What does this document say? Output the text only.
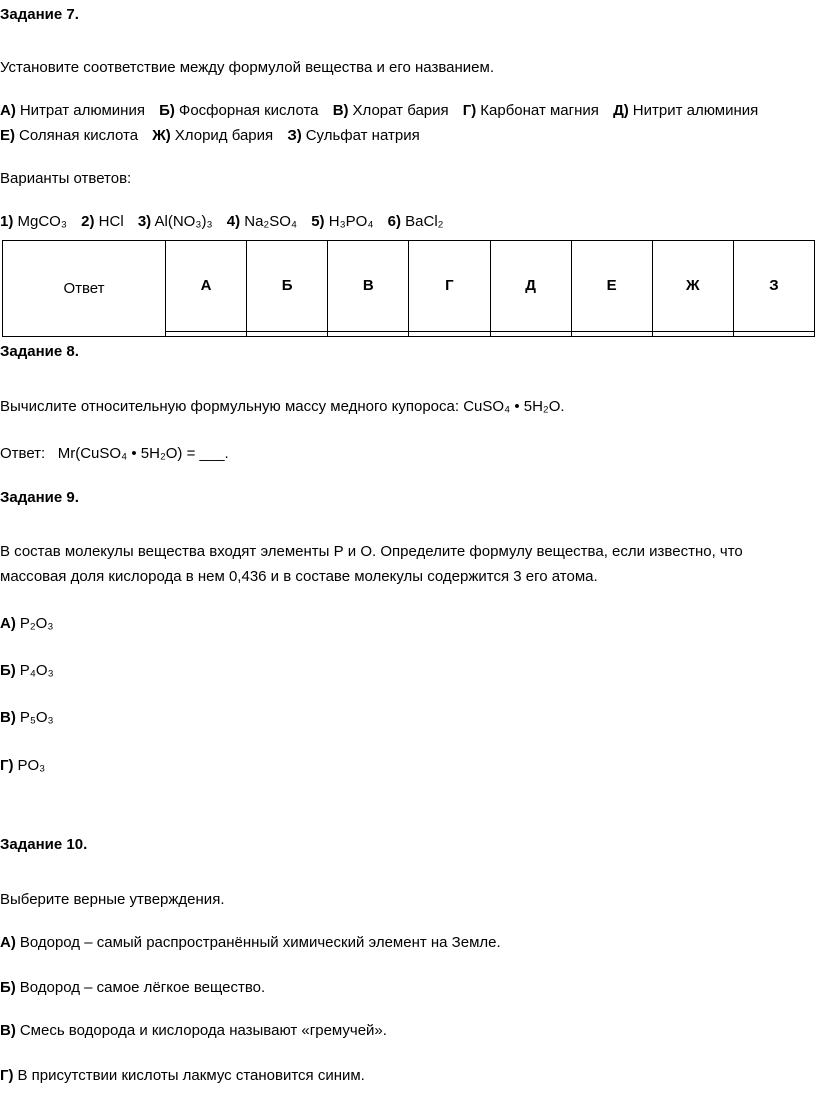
Задание 7.
Установите соответствие между формулой вещества и его названием.
А) Нитрат алюминия Б) Фосфорная кислота В) Хлорат бария Г) Карбонат магния Д) Нитрит алюминия
Е) Соляная кислота Ж) Хлорид бария З) Сульфат натрия
Варианты ответов:
1) MgCO₃ 2) HCl 3) Al(NO₃)₃ 4) Na₂SO₄ 5) H₃PO₄ 6) BaCl₂
Ответ	А	Б	В	Г	Д	Е	Ж	З

Задание 8.
Вычислите относительную формульную массу медного купороса: CuSO₄ • 5H₂O.
Ответ:   Mr(CuSO₄ • 5H₂O) = ___.
Задание 9.
В состав молекулы вещества входят элементы Р и О. Определите формулу вещества, если известно, что
массовая доля кислорода в нем 0,436 и в составе молекулы содержится 3 его атома.
А) P₂O₃
Б) P₄O₃
В) P₅O₃
Г) PO₃
Задание 10.
Выберите верные утверждения.
А) Водород – самый распространённый химический элемент на Земле.
Б) Водород – самое лёгкое вещество.
В) Смесь водорода и кислорода называют «гремучей».
Г) В присутствии кислоты лакмус становится синим.
